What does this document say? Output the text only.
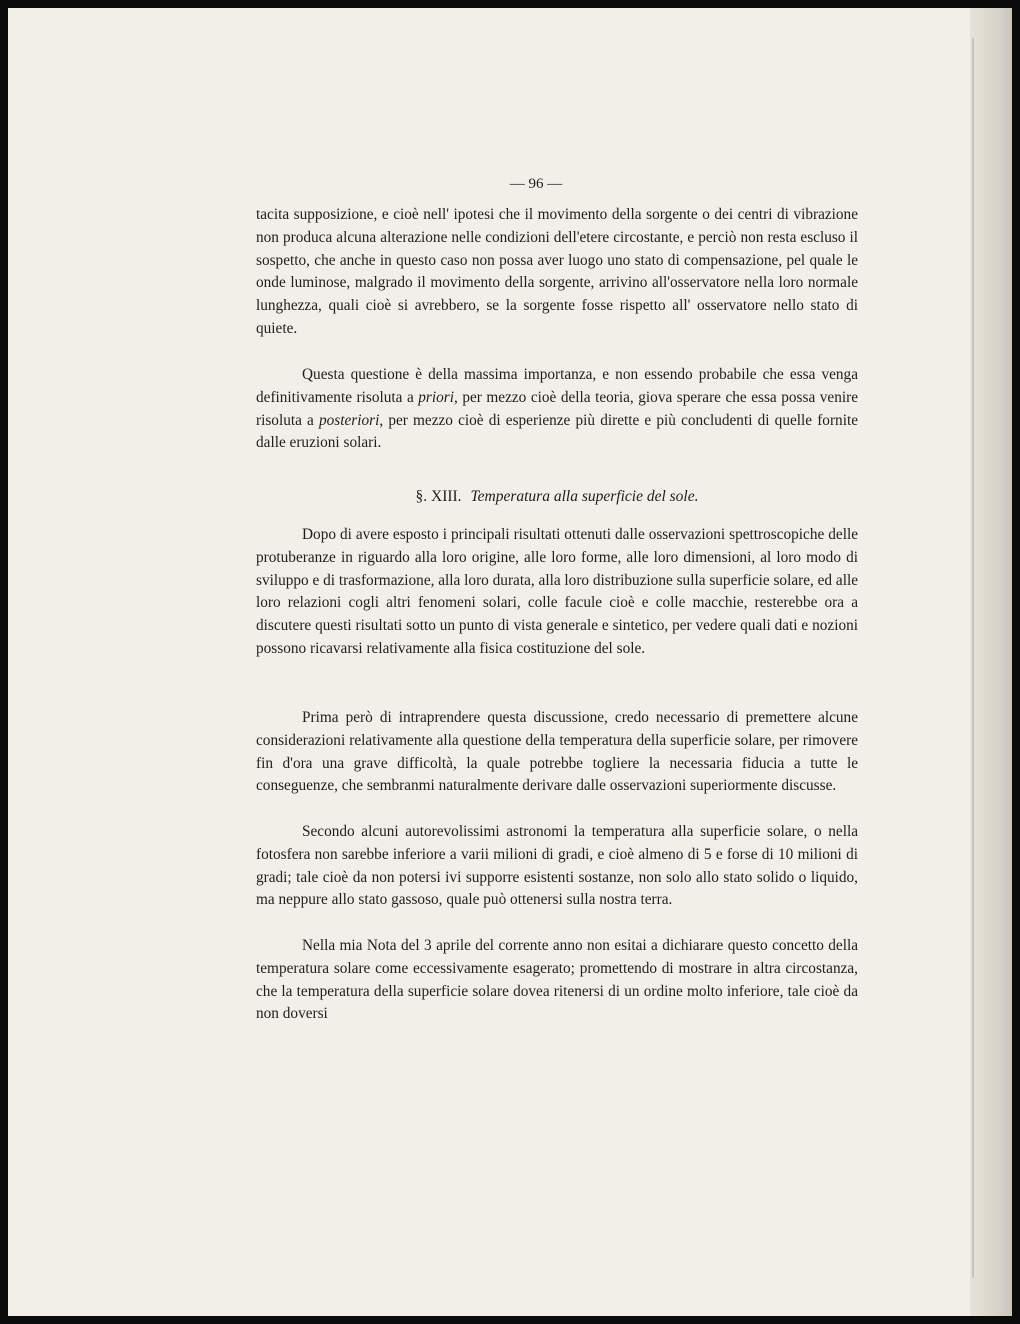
— 96 —
tacita supposizione, e cioè nell' ipotesi che il movimento della sorgente o dei centri di vibrazione non produca alcuna alterazione nelle condizioni dell'etere circostante, e perciò non resta escluso il sospetto, che anche in questo caso non possa aver luogo uno stato di compensazione, pel quale le onde luminose, malgrado il movimento della sorgente, arrivino all'osservatore nella loro normale lunghezza, quali cioè si avrebbero, se la sorgente fosse rispetto all' osservatore nello stato di quiete.
Questa questione è della massima importanza, e non essendo probabile che essa venga definitivamente risoluta a priori, per mezzo cioè della teoria, giova sperare che essa possa venire risoluta a posteriori, per mezzo cioè di esperienze più dirette e più concludenti di quelle fornite dalle eruzioni solari.
§. XIII. Temperatura alla superficie del sole.
Dopo di avere esposto i principali risultati ottenuti dalle osservazioni spettroscopiche delle protuberanze in riguardo alla loro origine, alle loro forme, alle loro dimensioni, al loro modo di sviluppo e di trasformazione, alla loro durata, alla loro distribuzione sulla superficie solare, ed alle loro relazioni cogli altri fenomeni solari, colle facule cioè e colle macchie, resterebbe ora a discutere questi risultati sotto un punto di vista generale e sintetico, per vedere quali dati e nozioni possono ricavarsi relativamente alla fisica costituzione del sole.
Prima però di intraprendere questa discussione, credo necessario di premettere alcune considerazioni relativamente alla questione della temperatura della superficie solare, per rimovere fin d'ora una grave difficoltà, la quale potrebbe togliere la necessaria fiducia a tutte le conseguenze, che sembranmi naturalmente derivare dalle osservazioni superiormente discusse.
Secondo alcuni autorevolissimi astronomi la temperatura alla superficie solare, o nella fotosfera non sarebbe inferiore a varii milioni di gradi, e cioè almeno di 5 e forse di 10 milioni di gradi; tale cioè da non potersi ivi supporre esistenti sostanze, non solo allo stato solido o liquido, ma neppure allo stato gassoso, quale può ottenersi sulla nostra terra.
Nella mia Nota del 3 aprile del corrente anno non esitai a dichiarare questo concetto della temperatura solare come eccessivamente esagerato; promettendo di mostrare in altra circostanza, che la temperatura della superficie solare dovea ritenersi di un ordine molto inferiore, tale cioè da non doversi
